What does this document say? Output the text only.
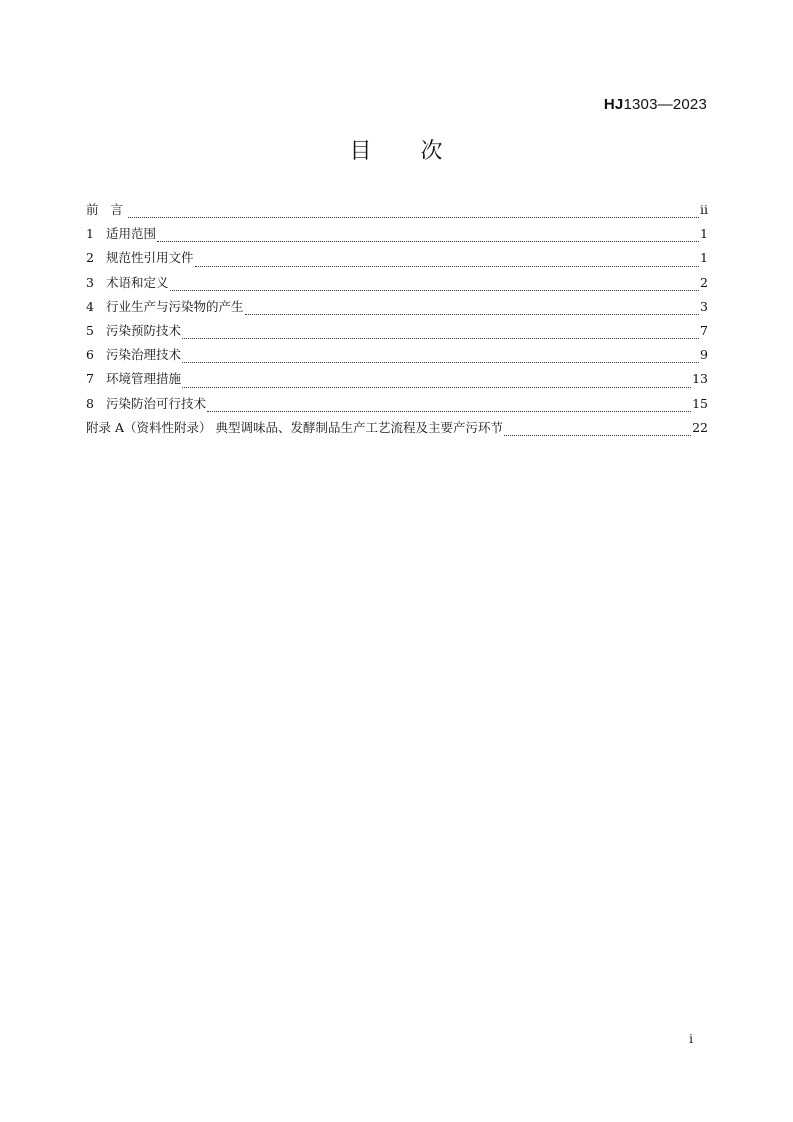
HJ1303—2023
目 次
前 言	ii
1 适用范围	1
2 规范性引用文件	1
3 术语和定义	2
4 行业生产与污染物的产生	3
5 污染预防技术	7
6 污染治理技术	9
7 环境管理措施	13
8 污染防治可行技术	15
附录 A（资料性附录） 典型调味品、发酵制品生产工艺流程及主要产污环节	22
i
